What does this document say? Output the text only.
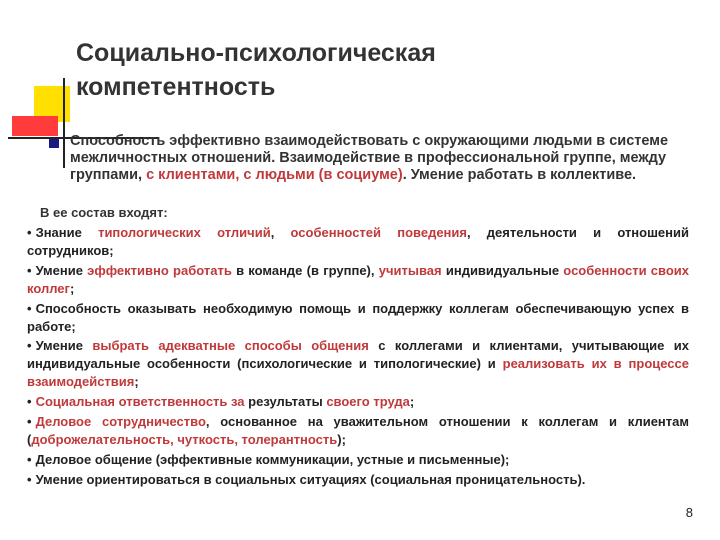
Социально-психологическая
компетентность
Способность эффективно взаимодействовать с окружающими людьми в системе межличностных отношений. Взаимодействие в профессиональной группе, между группами, с клиентами, с людьми (в социуме). Умение работать в коллективе.
В ее состав входят:
• Знание типологических отличий, особенностей поведения, деятельности и отношений сотрудников;
• Умение эффективно работать в команде (в группе), учитывая индивидуальные особенности своих коллег;
• Способность оказывать необходимую помощь и поддержку коллегам обеспечивающую успех в работе;
• Умение выбрать адекватные способы общения с коллегами и клиентами, учитывающие их индивидуальные особенности (психологические и типологические) и реализовать их в процессе взаимодействия;
• Социальная ответственность за результаты своего труда;
• Деловое сотрудничество, основанное на уважительном отношении к коллегам и клиентам (доброжелательность, чуткость, толерантность);
• Деловое общение (эффективные коммуникации, устные и письменные);
• Умение ориентироваться в социальных ситуациях (социальная проницательность).
8
